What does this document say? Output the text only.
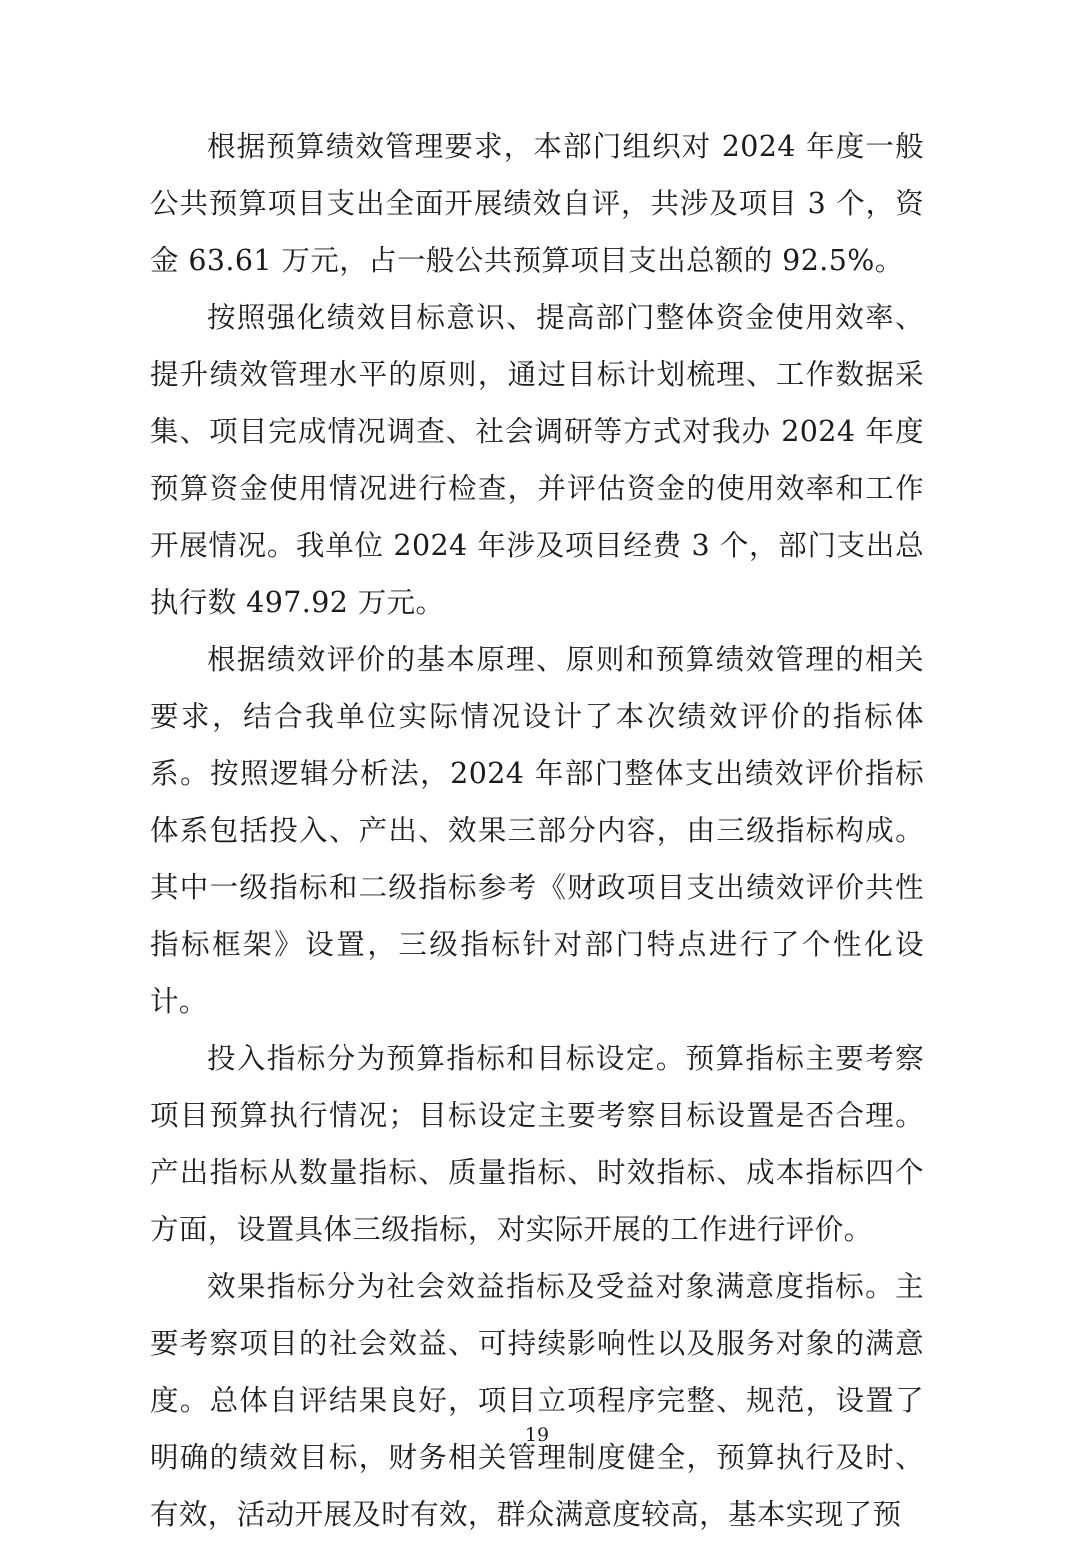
根据预算绩效管理要求，本部门组织对 2024 年度一般公共预算项目支出全面开展绩效自评，共涉及项目 3 个，资金 63.61 万元，占一般公共预算项目支出总额的 92.5%。

按照强化绩效目标意识、提高部门整体资金使用效率、提升绩效管理水平的原则，通过目标计划梳理、工作数据采集、项目完成情况调查、社会调研等方式对我办 2024 年度预算资金使用情况进行检查，并评估资金的使用效率和工作开展情况。我单位 2024 年涉及项目经费 3 个，部门支出总执行数 497.92 万元。

根据绩效评价的基本原理、原则和预算绩效管理的相关要求，结合我单位实际情况设计了本次绩效评价的指标体系。按照逻辑分析法，2024 年部门整体支出绩效评价指标体系包括投入、产出、效果三部分内容，由三级指标构成。其中一级指标和二级指标参考《财政项目支出绩效评价共性指标框架》设置，三级指标针对部门特点进行了个性化设计。

投入指标分为预算指标和目标设定。预算指标主要考察项目预算执行情况；目标设定主要考察目标设置是否合理。产出指标从数量指标、质量指标、时效指标、成本指标四个方面，设置具体三级指标，对实际开展的工作进行评价。

效果指标分为社会效益指标及受益对象满意度指标。主要考察项目的社会效益、可持续影响性以及服务对象的满意度。总体自评结果良好，项目立项程序完整、规范，设置了明确的绩效目标，财务相关管理制度健全，预算执行及时、有效，活动开展及时有效，群众满意度较高，基本实现了预

19
